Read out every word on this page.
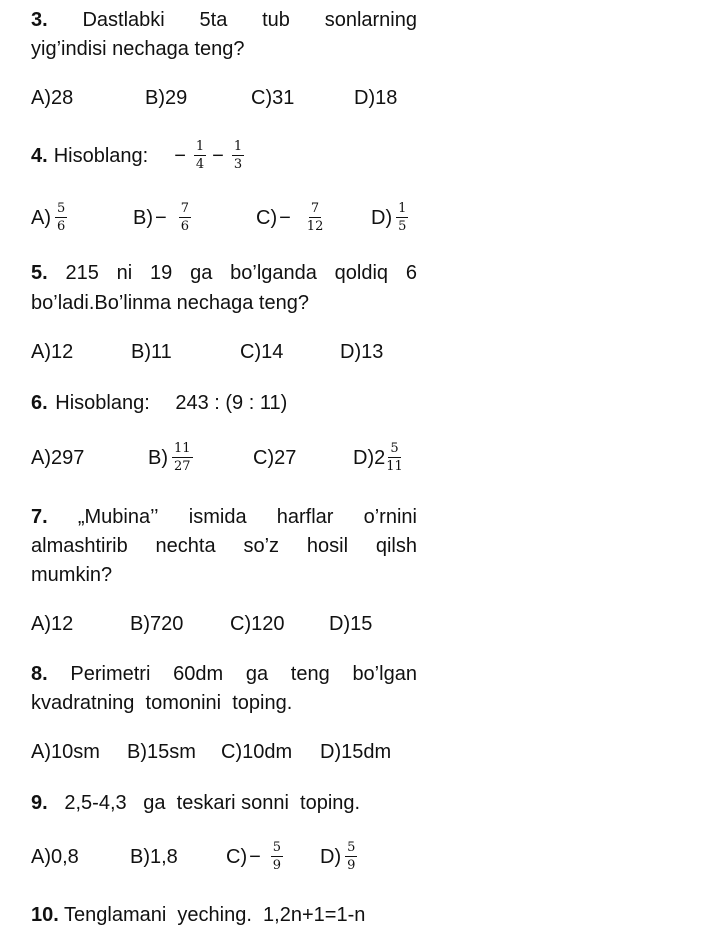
3. Dastlabki 5ta tub sonlarning
yig’indisi nechaga teng?
A) 28	B) 29	C) 31	D) 18
4. Hisoblang: − $\frac{1}{4} - \frac{1}{3}$
$A) \frac{5}{6}$	$B) - \frac{7}{6}$	$C) - \frac{7}{12} D) \frac{1}{5}$
5. 215 ni 19 ga bo’lganda qoldiq 6
bo’ladi.Bo’linma nechaga teng?
A) 12	B) 11	C) 14	D) 13
6. Hisoblang: 243 : (9 : 11)
A) 297	$B) \frac{11}{27}$	C) 27	D) $2 \frac{5}{11}$
7. „Mubina’’ ismida harflar o’rnini
almashtirib nechta so’z hosil qilsh
mumkin?
A) 12	B) 720 C) 120 D) 15
8. Perimetri 60dm ga teng bo’lgan
kvadratning  tomonini  toping.
A) 10sm B) 15sm C) 10dm D) 15dm
9. 2,5-4,3   ga  teskari sonni  toping.
A) 0,8	B) 1,8 $C) - \frac{5}{9} D) \frac{5}{9}$
10. Tenglamani  yeching. 1,2n+1=1-n
